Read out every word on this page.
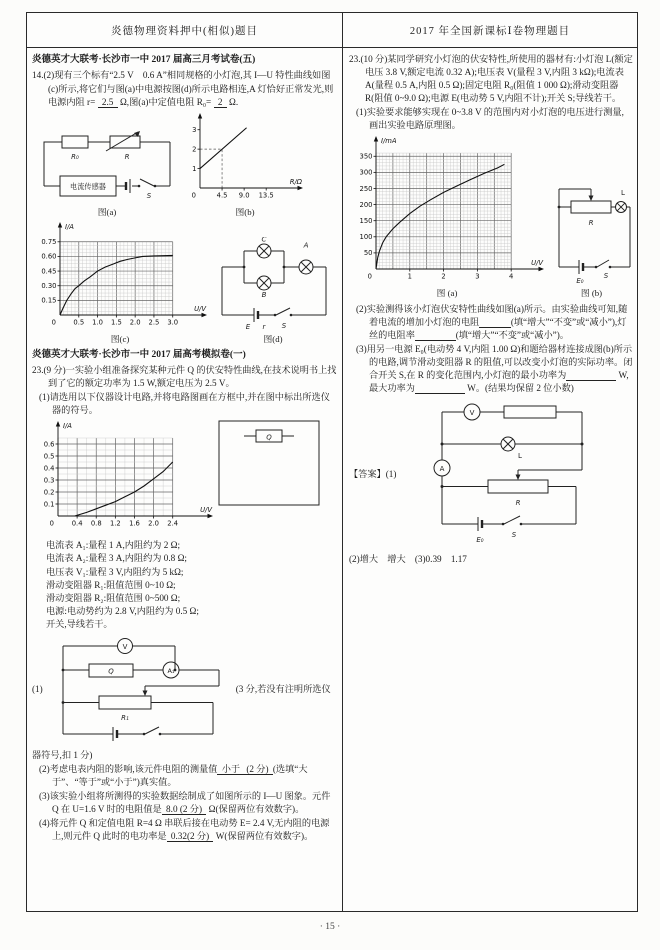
炎德物理资料押中(相似)题目	2017 年全国新课标Ⅰ卷物理题目

炎德英才大联考·长沙市一中 2017 届高三月考试卷(五)

14.(2)现有三个标有“2.5 V　0.6 A”相同规格的小灯泡,其 I—U 特性曲线如图(c)所示,将它们与图(a)中电源按图(d)所示电路相连,A 灯恰好正常发光,则电源内阻 r=  2.5  Ω,图(a)中定值电阻 R₀=  2  Ω.

R₀	R
电流传感器
S
图(a)
4.5 9.0 13.5
1
2
3
0
R/Ω
图(b)
0.5 1.0 1.5 2.0 2.5 3.0
0.15
0.30
0.45
0.60
0.75
0
U/V
I/A
图(c)
C
B
A
E r S
图(d)

炎德英才大联考·长沙市一中 2017 届高考模拟卷(一)

23.(9 分)一实验小组准备探究某种元件 Q 的伏安特性曲线,在技术说明书上找到了它的额定功率为 1.5 W,额定电压为 2.5 V。

(1)请选用以下仪器设计电路,并将电路图画在方框中,并在图中标出所选仪器的符号。

0.4 0.8 1.2 1.6 2.0 2.4
0.1
0.2
0.3
0.4
0.5
0.6
0
U/V
I/A
Q
电流表 A₁:量程 1 A,内阻约为 2 Ω;
电流表 A₂:量程 3 A,内阻约为 0.8 Ω;
电压表 V₁:量程 3 V,内阻约为 5 kΩ;
滑动变阻器 R₁:阻值范围 0~10 Ω;
滑动变阻器 R₂:阻值范围 0~500 Ω;
电源:电动势约为 2.8 V,内阻约为 0.5 Ω;
开关,导线若干。
(1)
V
Q	A₁
R₁
(3 分,若没有注明所选仪

器符号,扣 1 分)

(2)考虑电表内阻的影响,该元件电阻的测量值 小于 (2 分) (选填“大于”、“等于”或“小于”)真实值。

(3)该实验小组将所测得的实验数据绘制成了如图所示的 I—U 图象。元件 Q 在 U=1.6 V 时的电阻值是 8.0 (2 分)  Ω(保留两位有效数字)。

(4)将元件 Q 和定值电阻 R=4 Ω 串联后接在电动势 E= 2.4 V,无内阻的电源上,则元件 Q 此时的电功率是 0.32(2 分)  W(保留两位有效数字)。

23.(10 分)某同学研究小灯泡的伏安特性,所使用的器材有:小灯泡 L(额定电压 3.8 V,额定电流 0.32 A);电压表 V(量程 3 V,内阻 3 kΩ);电流表 A(量程 0.5 A,内阻 0.5 Ω);固定电阻 R₀(阻值 1 000 Ω);滑动变阻器 R(阻值 0~9.0 Ω);电源 E(电动势 5 V,内阻不计);开关 S;导线若干。

(1)实验要求能够实现在 0~3.8 V 的范围内对小灯泡的电压进行测量,画出实验电路原理图。

1	2	3	4
50
100
150
200
250
300
350
0
U/V
I/mA
图 (a)
R
L
E₀
S
图 (b)

(2)实验测得该小灯泡伏安特性曲线如图(a)所示。由实验曲线可知,随着电流的增加小灯泡的电阻　　　	(填“增大”“不变”或“减小”),灯丝的电阻率　　　　	(填“增大”“不变”或“减小”)。

(3)用另一电源 E₀(电动势 4 V,内阻 1.00 Ω)和题给器材连接成图(b)所示的电路,调节滑动变阻器 R 的阻值,可以改变小灯泡的实际功率。闭合开关 S,在 R 的变化范围内,小灯泡的最小功率为　　　　　	W,最大功率为　　　　　	W。(结果均保留 2 位小数)

【答案】(1)
V
L
A
R
E₀
S

(2)增大　增大　(3)0.39　1.17

· 15 ·
